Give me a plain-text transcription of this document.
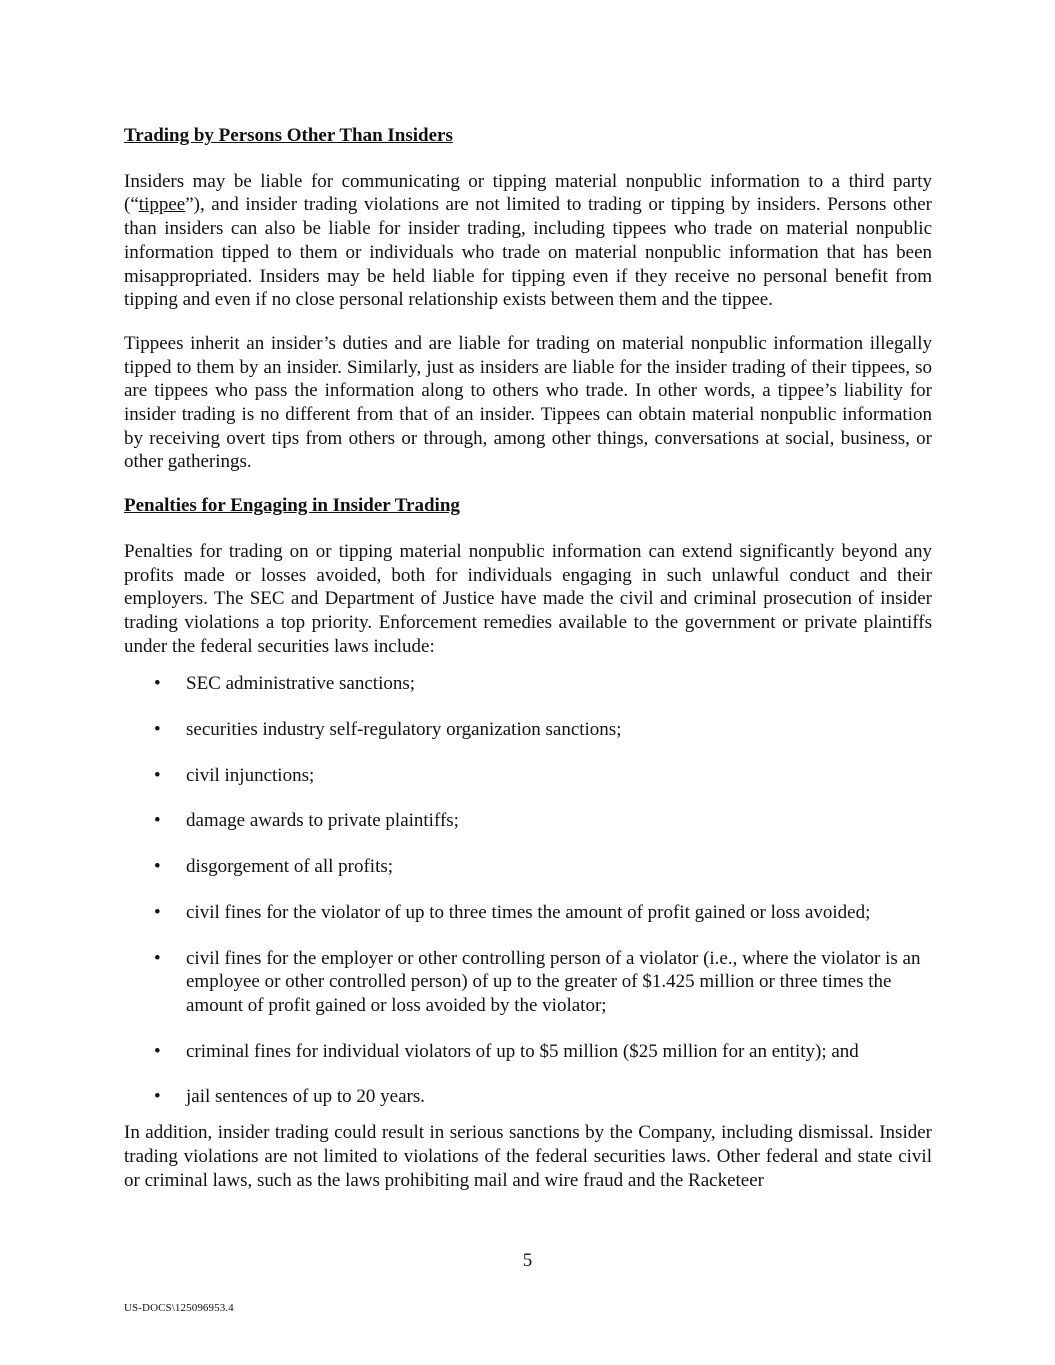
Trading by Persons Other Than Insiders

Insiders may be liable for communicating or tipping material nonpublic information to a third party (“tippee”), and insider trading violations are not limited to trading or tipping by insiders. Persons other than insiders can also be liable for insider trading, including tippees who trade on material nonpublic information tipped to them or individuals who trade on material nonpublic information that has been misappropriated. Insiders may be held liable for tipping even if they receive no personal benefit from tipping and even if no close personal relationship exists between them and the tippee.

Tippees inherit an insider’s duties and are liable for trading on material nonpublic information illegally tipped to them by an insider. Similarly, just as insiders are liable for the insider trading of their tippees, so are tippees who pass the information along to others who trade. In other words, a tippee’s liability for insider trading is no different from that of an insider. Tippees can obtain material nonpublic information by receiving overt tips from others or through, among other things, conversations at social, business, or other gatherings.

Penalties for Engaging in Insider Trading

Penalties for trading on or tipping material nonpublic information can extend significantly beyond any profits made or losses avoided, both for individuals engaging in such unlawful conduct and their employers. The SEC and Department of Justice have made the civil and criminal prosecution of insider trading violations a top priority. Enforcement remedies available to the government or private plaintiffs under the federal securities laws include:

• SEC administrative sanctions;
• securities industry self-regulatory organization sanctions;
• civil injunctions;
• damage awards to private plaintiffs;
• disgorgement of all profits;
• civil fines for the violator of up to three times the amount of profit gained or loss avoided;
• civil fines for the employer or other controlling person of a violator (i.e., where the violator is an employee or other controlled person) of up to the greater of $1.425 million or three times the amount of profit gained or loss avoided by the violator;
• criminal fines for individual violators of up to $5 million ($25 million for an entity); and
• jail sentences of up to 20 years.

In addition, insider trading could result in serious sanctions by the Company, including dismissal. Insider trading violations are not limited to violations of the federal securities laws. Other federal and state civil or criminal laws, such as the laws prohibiting mail and wire fraud and the Racketeer

5
US-DOCS\125096953.4
